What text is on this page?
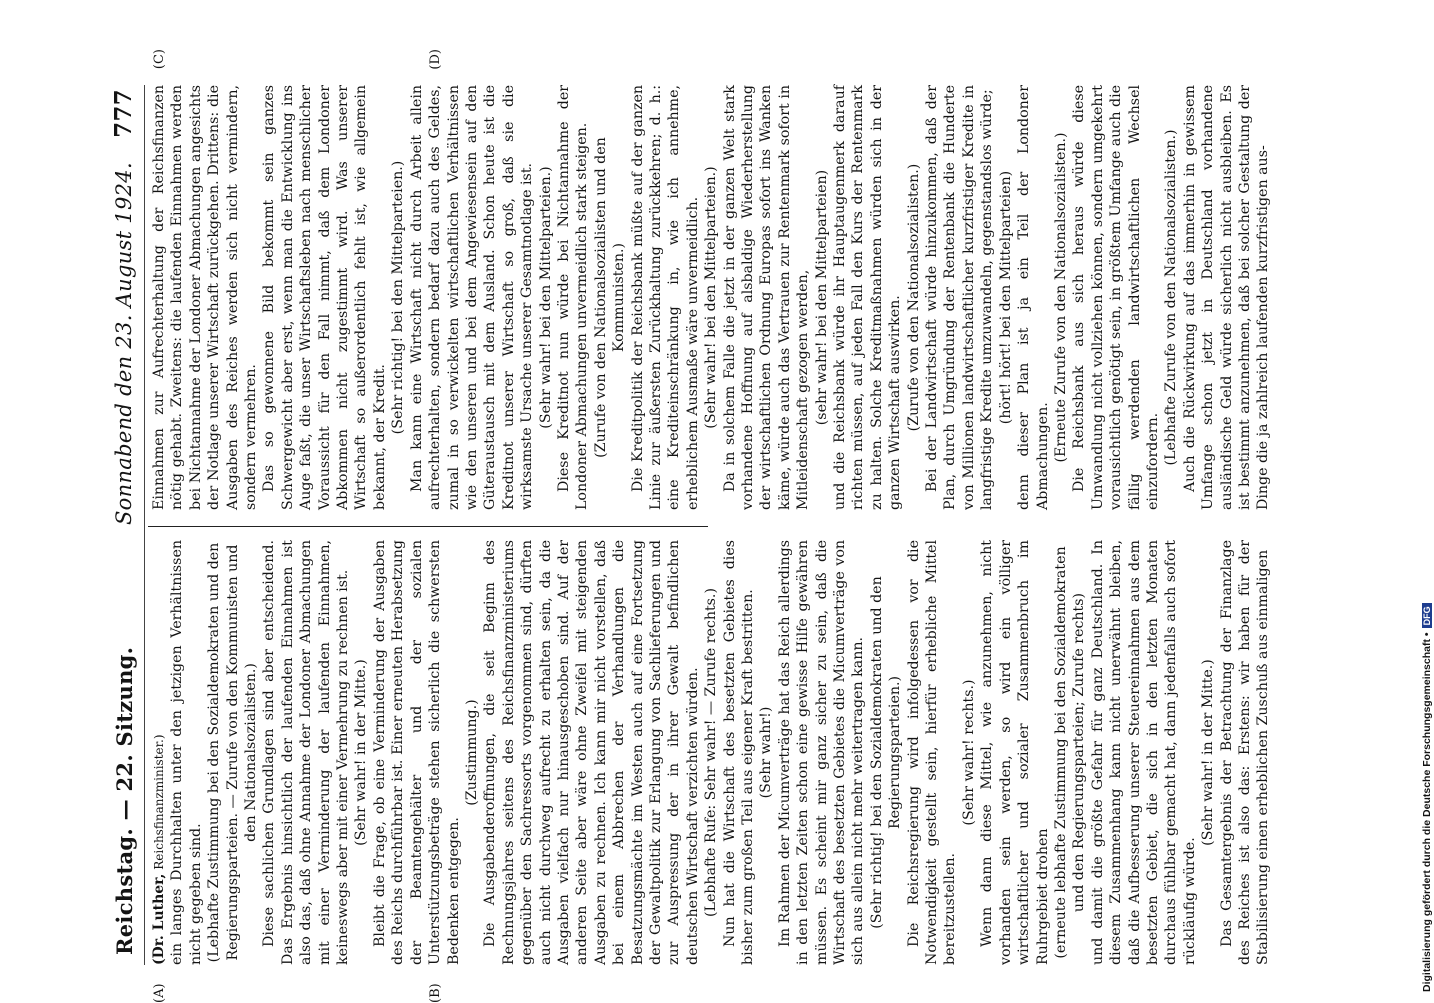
Reichstag. — 22. Sitzung.
Sonnabend den 23. August 1924.
777
(A)	(B)
(C)	(D)

(Dr. Luther, Reichsfinanzminister.) ein langes Durchhalten unter den jetzigen Verhältnissen nicht gegeben sind. (Lebhafte Zustimmung bei den Sozialdemokraten und den Regierungsparteien. — Zurufe von den Kommunisten und den Nationalsozialisten.) Diese sachlichen Grundlagen sind aber entscheidend. Das Ergebnis hinsichtlich der laufenden Einnahmen ist also das, daß ohne Annahme der Londoner Abmachungen mit einer Verminderung der laufenden Einnahmen, keineswegs aber mit einer Vermehrung zu rechnen ist. (Sehr wahr! in der Mitte.) Bleibt die Frage, ob eine Verminderung der Ausgaben des Reichs durchführbar ist. Einer erneuten Herabsetzung der Beamtengehälter und der sozialen Unterstützungsbeträge stehen sicherlich die schwersten Bedenken entgegen.

(Zustimmung.) Die Ausgabenderoffnungen, die seit Beginn des Rechnungsjahres seitens des Reichsfinanzministeriums gegenüber den Sachressorts vorgenommen sind, dürften auch nicht durchweg aufrecht zu erhalten sein, da die Ausgaben vielfach nur hinausgeschoben sind. Auf der anderen Seite aber wäre ohne Zweifel mit steigenden Ausgaben zu rechnen. Ich kann mir nicht vorstellen, daß bei einem Abbrechen der Verhandlungen die Besatzungsmächte im Westen auch auf eine Fortsetzung der Gewaltpolitik zur Erlangung von Sachlieferungen und zur Auspressung der in ihrer Gewalt befindlichen deutschen Wirtschaft verzichten würden. (Lebhafte Rufe: Sehr wahr! — Zurufe rechts.) Nun hat die Wirtschaft des besetzten Gebietes dies bisher zum großen Teil aus eigener Kraft bestritten. (Sehr wahr!) Im Rahmen der Micumverträge hat das Reich allerdings in den letzten Zeiten schon eine gewisse Hilfe gewähren müssen. Es scheint mir ganz sicher zu sein, daß die Wirtschaft des besetzten Gebietes die Micumverträge von sich aus allein nicht mehr weitertragen kann. (Sehr richtig! bei den Sozialdemokraten und den Regierungsparteien.) Die Reichsregierung wird infolgedessen vor die Notwendigkeit gestellt sein, hierfür erhebliche Mittel bereitzustellen.

(Sehr wahr! rechts.) Wenn dann diese Mittel, wie anzunehmen, nicht vorhanden sein werden, so wird ein völliger wirtschaftlicher und sozialer Zusammenbruch im Ruhrgebiet drohen (erneute lebhafte Zustimmung bei den Sozialdemokraten und den Regierungsparteien; Zurufe rechts) und damit die größte Gefahr für ganz Deutschland. In diesem Zusammenhang kann nicht unerwähnt bleiben, daß die Aufbesserung unserer Steuereinnahmen aus dem besetzten Gebiet, die sich in den letzten Monaten durchaus fühlbar gemacht hat, dann jedenfalls auch sofort rückläufig würde.

(Sehr wahr! in der Mitte.) Das Gesamtergebnis der Betrachtung der Finanzlage des Reiches ist also das: Erstens: wir haben für der Stabilisierung einen erheblichen Zuschuß aus einmaligen

Einnahmen zur Aufrechterhaltung der Reichsfinanzen nötig gehabt. Zweitens: die laufenden Einnahmen werden bei Nichtannahme der Londoner Abmachungen angesichts der Notlage unserer Wirtschaft zurückgehen. Drittens: die Ausgaben des Reiches werden sich nicht vermindern, sondern vermehren. Das so gewonnene Bild bekommt sein ganzes Schwergewicht aber erst, wenn man die Entwicklung ins Auge faßt, die unser Wirtschaftsleben nach menschlicher Voraussicht für den Fall nimmt, daß dem Londoner Abkommen nicht zugestimmt wird. Was unserer Wirtschaft so außerordentlich fehlt ist, wie allgemein bekannt, der Kredit.

(Sehr richtig! bei den Mittelparteien.) Man kann eine Wirtschaft nicht durch Arbeit allein aufrechterhalten, sondern bedarf dazu auch des Geldes, zumal in so verwickelten wirtschaftlichen Verhältnissen wie den unseren und bei dem Angewiesensein auf den Güteraustausch mit dem Ausland. Schon heute ist die Kreditnot unserer Wirtschaft so groß, daß sie die wirksamste Ursache unserer Gesamtnotlage ist. (Sehr wahr! bei den Mittelparteien.) Diese Kreditnot nun würde bei Nichtannahme der Londoner Abmachungen unvermeidlich stark steigen. (Zurufe von den Nationalsozialisten und den Kommunisten.) Die Kreditpolitik der Reichsbank müßte auf der ganzen Linie zur äußersten Zurückhaltung zurückkehren; d. h.: eine Krediteinschränkung in, wie ich annehme, erheblichem Ausmaße wäre unvermeidlich. (Sehr wahr! bei den Mittelparteien.) Da in solchem Falle die jetzt in der ganzen Welt stark vorhandene Hoffnung auf alsbaldige Wiederherstellung der wirtschaftlichen Ordnung Europas sofort ins Wanken käme, würde auch das Vertrauen zur Rentenmark sofort in Mitleidenschaft gezogen werden, (sehr wahr! bei den Mittelparteien) und die Reichsbank würde ihr Hauptaugenmerk darauf richten müssen, auf jeden Fall den Kurs der Rentenmark zu halten. Solche Kreditmaßnahmen würden sich in der ganzen Wirtschaft auswirken. (Zurufe von den Nationalsozialisten.) Bei der Landwirtschaft würde hinzukommen, daß der Plan, durch Umgründung der Rentenbank die Hunderte von Millionen landwirtschaftlicher kurzfristiger Kredite in langfristige Kredite umzuwandeln, gegenstandslos würde; (hört! hört! bei den Mittelparteien) denn dieser Plan ist ja ein Teil der Londoner Abmachungen. (Erneute Zurufe von den Nationalsozialisten.) Die Reichsbank aus sich heraus würde diese Umwandlung nicht vollziehen können, sondern umgekehrt vorausichtlich genötigt sein, in größtem Umfange auch die fällig werdenden landwirtschaftlichen Wechsel einzufordern. (Lebhafte Zurufe von den Nationalsozialisten.) Auch die Rückwirkung auf das immerhin in gewissem Umfange schon jetzt in Deutschland vorhandene ausländische Geld würde sicherlich nicht ausbleiben. Es ist bestimmt anzunehmen, daß bei solcher Gestaltung der Dinge die ja zahlreich laufenden kurzfristigen aus-

Digitalisierung gefördert durch die Deutsche Forschungsgemeinschaft •DFG
